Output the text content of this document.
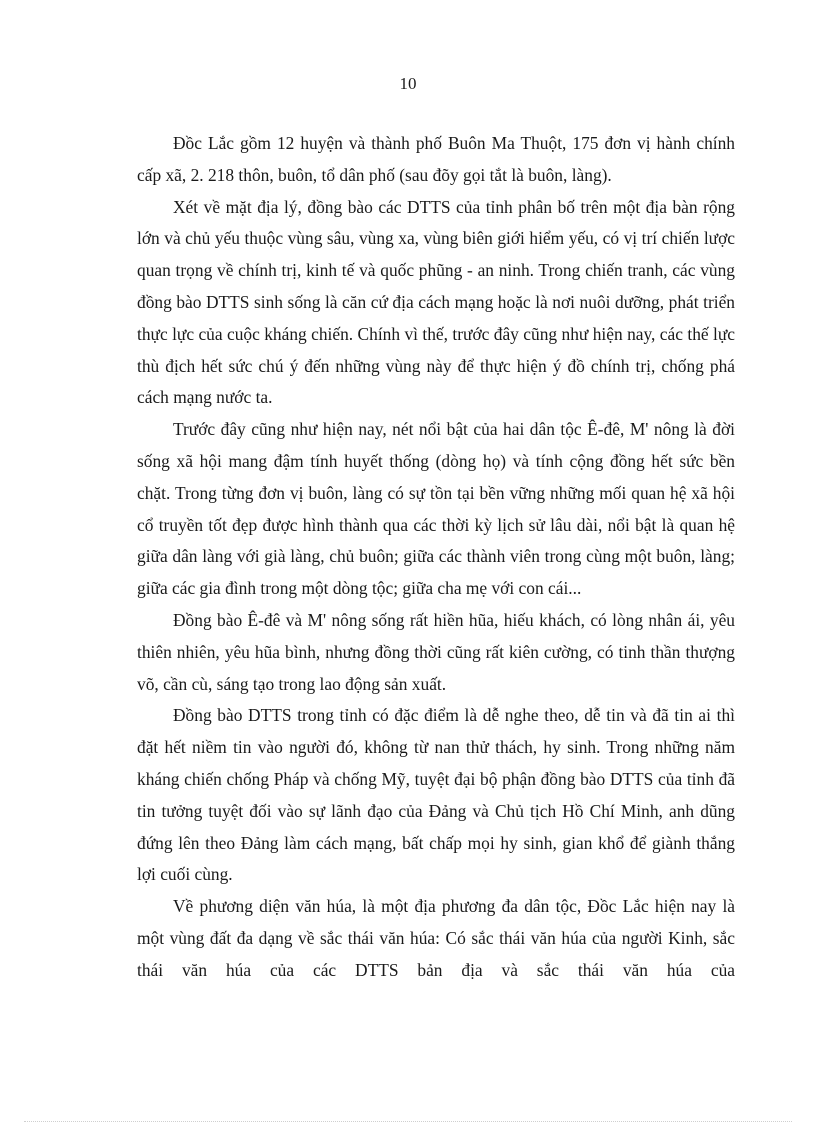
10

Đồc Lắc gồm 12 huyện và thành phố Buôn Ma Thuột, 175 đơn vị hành chính cấp xã, 2. 218 thôn, buôn, tổ dân phố (sau đõy gọi tắt là buôn, làng).

Xét về mặt địa lý, đồng bào các DTTS của tỉnh phân bố trên một địa bàn rộng lớn và chủ yếu thuộc vùng sâu, vùng xa, vùng biên giới hiểm yếu, có vị trí chiến lược quan trọng về chính trị, kinh tế và quốc phũng - an ninh. Trong chiến tranh, các vùng đồng bào DTTS sinh sống là căn cứ địa cách mạng hoặc là nơi nuôi dưỡng, phát triển thực lực của cuộc kháng chiến. Chính vì thế, trước đây cũng như hiện nay, các thế lực thù địch hết sức chú ý đến những vùng này để thực hiện ý đồ chính trị, chống phá cách mạng nước ta.

Trước đây cũng như hiện nay, nét nổi bật của hai dân tộc Ê-đê, M' nông là đời sống xã hội mang đậm tính huyết thống (dòng họ) và tính cộng đồng hết sức bền chặt. Trong từng đơn vị buôn, làng có sự tồn tại bền vững những mối quan hệ xã hội cổ truyền tốt đẹp được hình thành qua các thời kỳ lịch sử lâu dài, nổi bật là quan hệ giữa dân làng với già làng, chủ buôn; giữa các thành viên trong cùng một buôn, làng; giữa các gia đình trong một dòng tộc; giữa cha mẹ với con cái...

Đồng bào Ê-đê và M' nông sống rất hiền hũa, hiếu khách, có lòng nhân ái, yêu thiên nhiên, yêu hũa bình, nhưng đồng thời cũng rất kiên cường, có tinh thần thượng võ, cần cù, sáng tạo trong lao động sản xuất.

Đồng bào DTTS trong tỉnh có đặc điểm là dễ nghe theo, dễ tin và đã tin ai thì đặt hết niềm tin vào người đó, không từ nan thử thách, hy sinh. Trong những năm kháng chiến chống Pháp và chống Mỹ, tuyệt đại bộ phận đồng bào DTTS của tỉnh đã tin tưởng tuyệt đối vào sự lãnh đạo của Đảng và Chủ tịch Hồ Chí Minh, anh dũng đứng lên theo Đảng làm cách mạng, bất chấp mọi hy sinh, gian khổ để giành thắng lợi cuối cùng.

Về phương diện văn húa, là một địa phương đa dân tộc, Đồc Lắc hiện nay là một vùng đất đa dạng về sắc thái văn húa: Có sắc thái văn húa của người Kinh, sắc thái văn húa của các DTTS bản địa và sắc thái văn húa của
